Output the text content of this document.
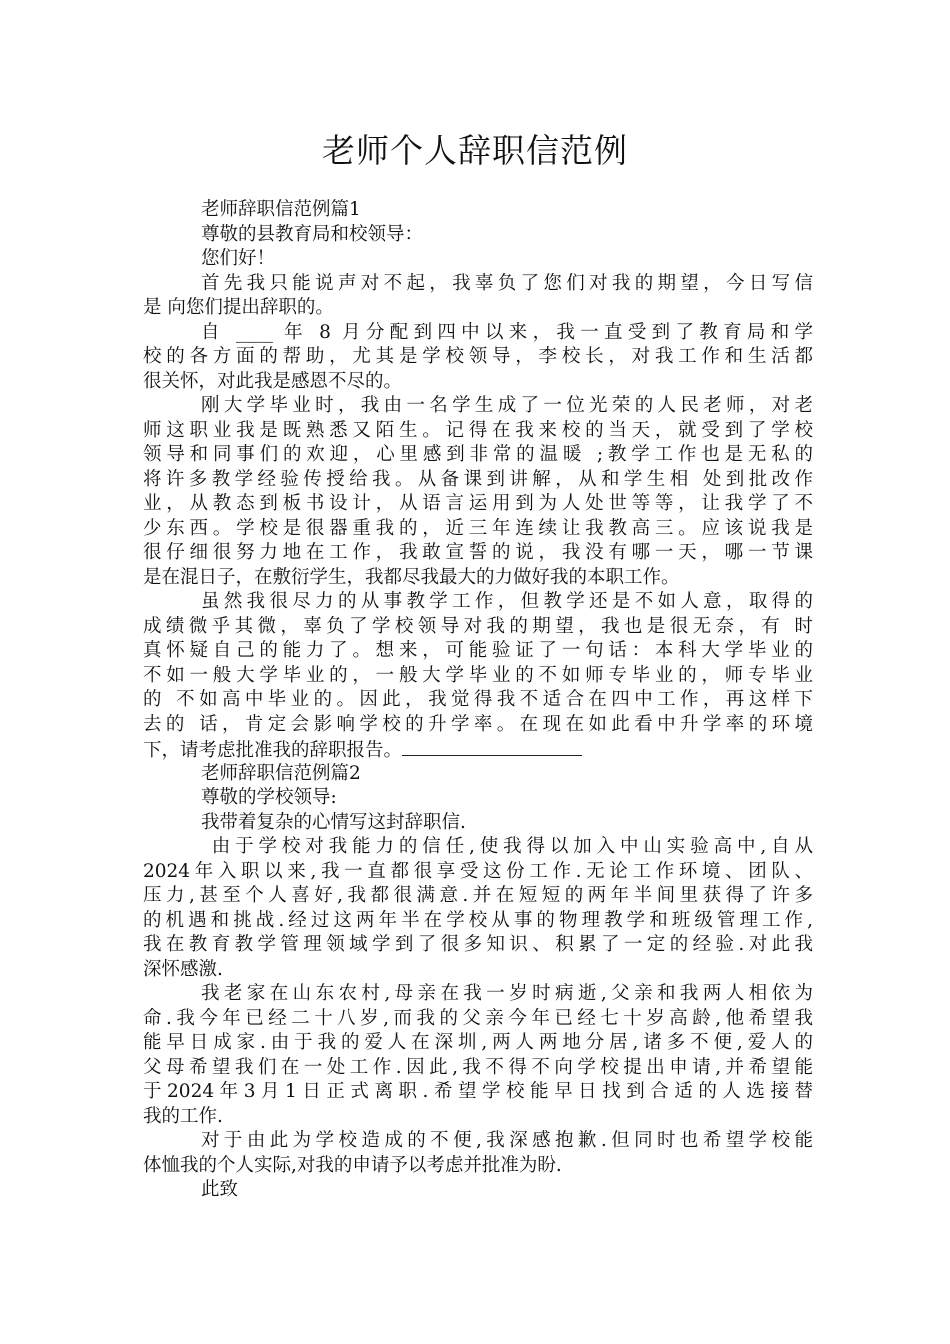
老师个人辞职信范例
老师辞职信范例篇1
尊敬的县教育局和校领导：
您们好！
首先我只能说声对不起，我辜负了您们对我的期望，今日写信
是 向您们提出辞职的。
自 ____ 年 8 月分配到四中以来，我一直受到了教育局和学
校的各方面的帮助，尤其是学校领导，李校长，对我工作和生活都
很关怀，对此我是感恩不尽的。
刚大学毕业时，我由一名学生成了一位光荣的人民老师，对老
师这职业我是既熟悉又陌生。记得在我来校的当天，就受到了学校
领导和同事们的欢迎，心里感到非常的温暖 ;教学工作也是无私的
将许多教学经验传授给我。从备课到讲解，从和学生相 处到批改作
业，从教态到板书设计，从语言运用到为人处世等等，让我学了不
少东西。学校是很器重我的，近三年连续让我教高三。应该说我是
很仔细很努力地在工作，我敢宣誓的说，我没有哪一天，哪一节课
是在混日子，在敷衍学生，我都尽我最大的力做好我的本职工作。
虽然我很尽力的从事教学工作，但教学还是不如人意，取得的
成绩微乎其微，辜负了学校领导对我的期望，我也是很无奈，有 时
真怀疑自己的能力了。想来，可能验证了一句话：本科大学毕业的
不如一般大学毕业的，一般大学毕业的不如师专毕业的，师专毕业
的 不如高中毕业的。因此，我觉得我不适合在四中工作，再这样下
去的 话，肯定会影响学校的升学率。在现在如此看中升学率的环境
下，请考虑批准我的辞职报告。
老师辞职信范例篇2
尊敬的学校领导:
我带着复杂的心情写这封辞职信.
由于学校对我能力的信任,使我得以加入中山实验高中,自从
2024年入职以来,我一直都很享受这份工作.无论工作环境、团队、
压力,甚至个人喜好,我都很满意.并在短短的两年半间里获得了许多
的机遇和挑战.经过这两年半在学校从事的物理教学和班级管理工作,
我在教育教学管理领域学到了很多知识、积累了一定的经验.对此我
深怀感激.
我老家在山东农村,母亲在我一岁时病逝,父亲和我两人相依为
命.我今年已经二十八岁,而我的父亲今年已经七十岁高龄,他希望我
能早日成家.由于我的爱人在深圳,两人两地分居,诸多不便,爱人的
父母希望我们在一处工作.因此,我不得不向学校提出申请,并希望能
于2024年3月1日正式离职.希望学校能早日找到合适的人选接替
我的工作.
对于由此为学校造成的不便,我深感抱歉.但同时也希望学校能
体恤我的个人实际,对我的申请予以考虑并批准为盼.
此致
